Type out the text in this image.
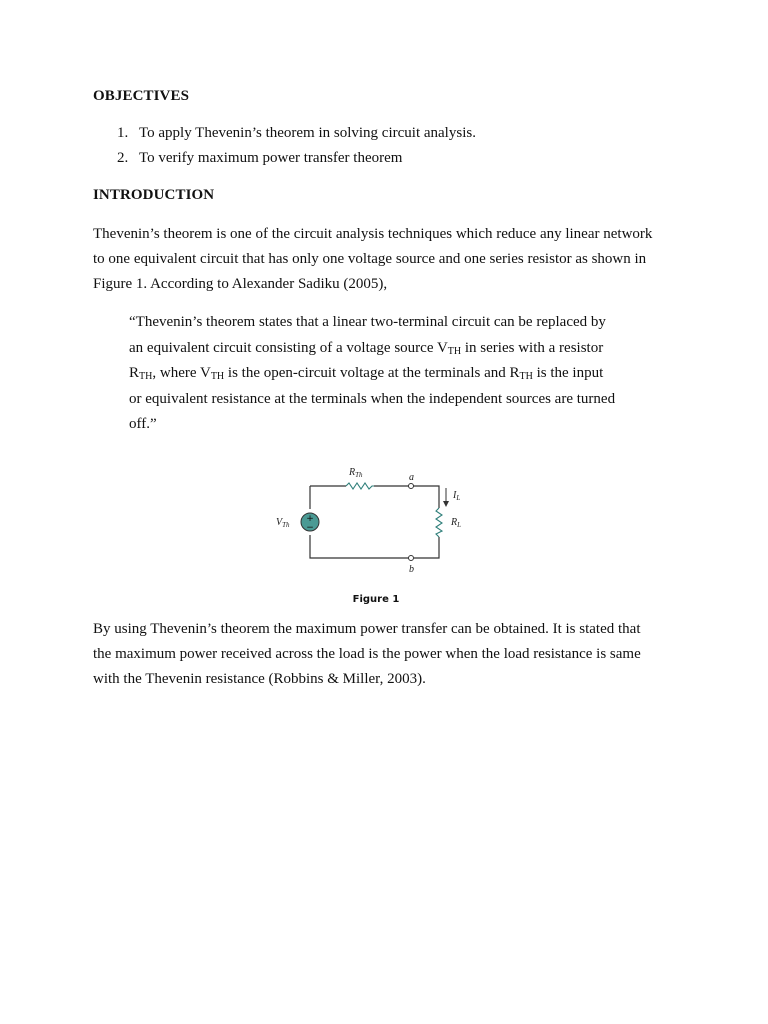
OBJECTIVES
1. To apply Thevenin’s theorem in solving circuit analysis.
2. To verify maximum power transfer theorem
INTRODUCTION

Thevenin’s theorem is one of the circuit analysis techniques which reduce any linear network
to one equivalent circuit that has only one voltage source and one series resistor as shown in
Figure 1. According to Alexander Sadiku (2005),

“Thevenin’s theorem states that a linear two-terminal circuit can be replaced by
an equivalent circuit consisting of a voltage source $V_{TH}$ in series with a resistor
$R_{TH}$, where $V_{TH}$ is the open-circuit voltage at the terminals and $R_{TH}$ is the input
or equivalent resistance at the terminals when the independent sources are turned
off.”

+
−
$R_{Th}$	a
b
$V_{Th}$
$I_L$
$R_L$
Figure 1

By using Thevenin’s theorem the maximum power transfer can be obtained. It is stated that
the maximum power received across the load is the power when the load resistance is same
with the Thevenin resistance (Robbins & Miller, 2003).
